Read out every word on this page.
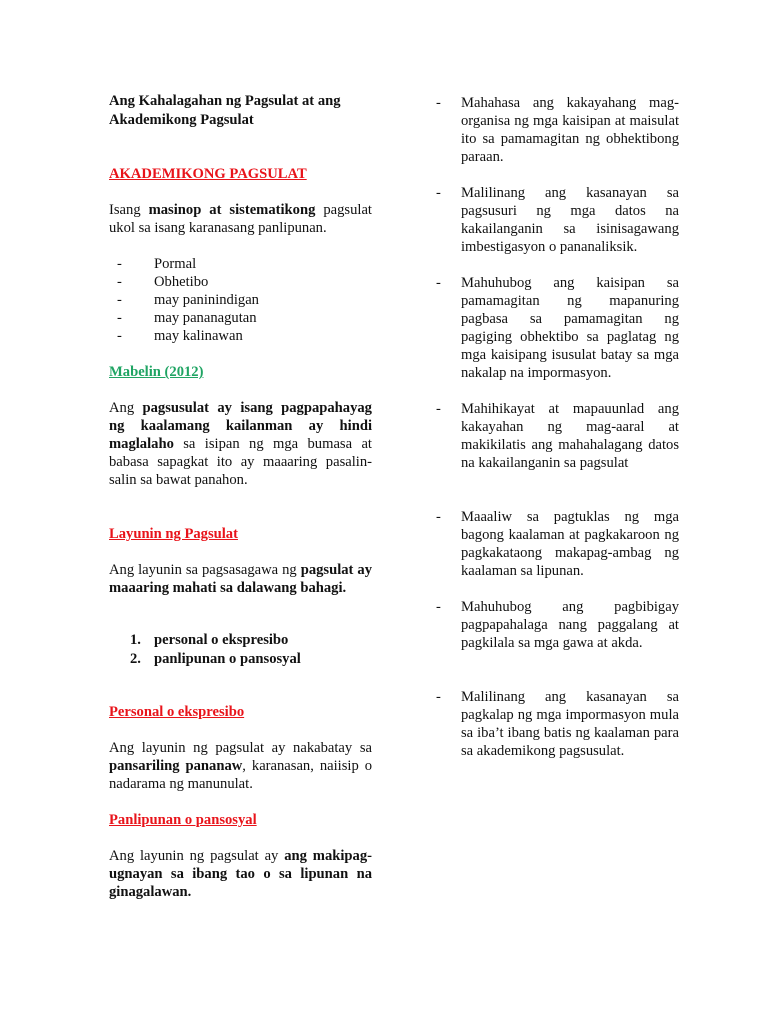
Ang Kahalagahan ng Pagsulat at ang
Akademikong Pagsulat
AKADEMIKONG PAGSULAT

Isang masinop at sistematikong pagsulat ukol sa isang karanasang panlipunan.

- Pormal
- Obhetibo
- may paninindigan
- may pananagutan
- may kalinawan
Mabelin (2012)

Ang pagsusulat ay isang pagpapahayag ng kaalamang kailanman ay hindi maglalaho sa isipan ng mga bumasa at babasa sapagkat ito ay maaaring pasalin-salin sa bawat panahon.

Layunin ng Pagsulat

Ang layunin sa pagsasagawa ng pagsulat ay maaaring mahati sa dalawang bahagi.

1. personal o ekspresibo
2. panlipunan o pansosyal
Personal o ekspresibo

Ang layunin ng pagsulat ay nakabatay sa pansariling pananaw, karanasan, naiisip o nadarama ng manunulat.

Panlipunan o pansosyal

Ang layunin ng pagsulat ay ang makipag-ugnayan sa ibang tao o sa lipunan na ginagalawan.

- Mahahasa ang kakayahang mag-organisa ng mga kaisipan at maisulat ito sa pamamagitan ng obhektibong paraan.

- Malilinang ang kasanayan sa pagsusuri ng mga datos na kakailanganin sa isinisagawang imbestigasyon o pananaliksik.

- Mahuhubog ang kaisipan sa pamamagitan ng mapanuring pagbasa sa pamamagitan ng pagiging obhektibo sa paglatag ng mga kaisipang isusulat batay sa mga nakalap na impormasyon.

- Mahihikayat at mapauunlad ang kakayahan ng mag-aaral at makikilatis ang mahahalagang datos na kakailanganin sa pagsulat

- Maaaliw sa pagtuklas ng mga bagong kaalaman at pagkakaroon ng pagkakataong makapag-ambag ng kaalaman sa lipunan.

- Mahuhubog ang pagbibigay pagpapahalaga nang paggalang at pagkilala sa mga gawa at akda.

- Malilinang ang kasanayan sa pagkalap ng mga impormasyon mula sa iba’t ibang batis ng kaalaman para sa akademikong pagsusulat.
